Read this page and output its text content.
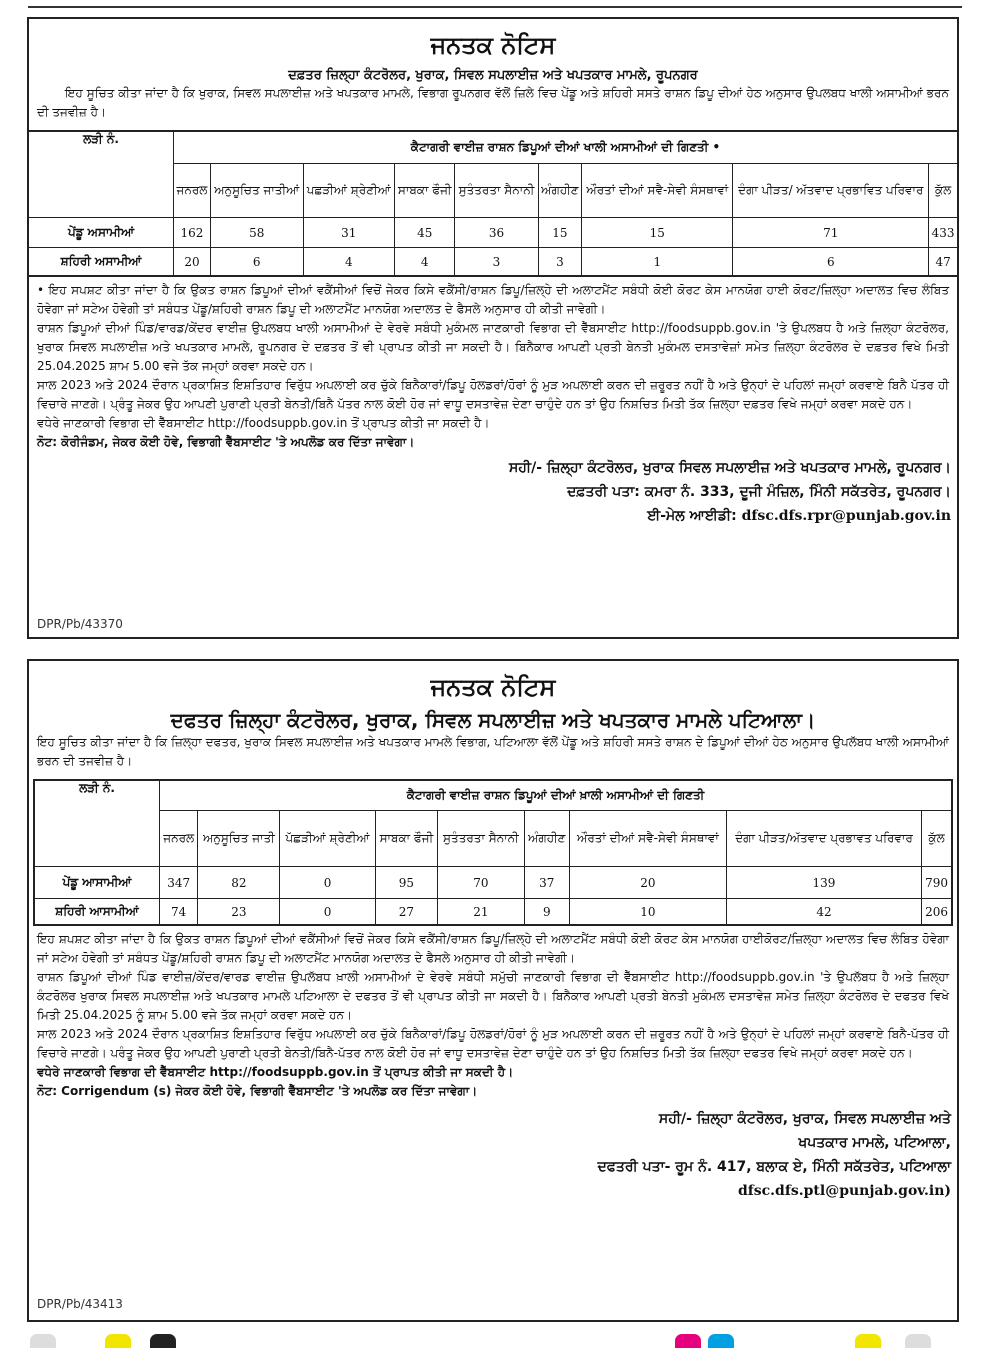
ਜਨਤਕ ਨੋਟਿਸ
ਦਫ਼ਤਰ ਜ਼ਿਲ੍ਹਾ ਕੰਟਰੋਲਰ, ਖੁਰਾਕ, ਸਿਵਲ ਸਪਲਾਈਜ਼ ਅਤੇ ਖਪਤਕਾਰ ਮਾਮਲੇ, ਰੂਪਨਗਰ
ਇਹ ਸੂਚਿਤ ਕੀਤਾ ਜਾਂਦਾ ਹੈ ਕਿ ਖੁਰਾਕ, ਸਿਵਲ ਸਪਲਾਈਜ਼ ਅਤੇ ਖਪਤਕਾਰ ਮਾਮਲੇ, ਵਿਭਾਗ ਰੂਪਨਗਰ ਵੱਲੋਂ ਜ਼ਿਲੇ ਵਿਚ ਪੇਂਡੂ ਅਤੇ ਸ਼ਹਿਰੀ ਸਸਤੇ ਰਾਸ਼ਨ ਡਿਪੂ ਦੀਆਂ ਹੇਠ ਅਨੁਸਾਰ ਉਪਲਬਧ ਖਾਲੀ ਅਸਾਮੀਆਂ ਭਰਨ ਦੀ ਤਜਵੀਜ਼ ਹੈ।
ਲੜੀ ਨੰ.	ਕੈਟਾਗਰੀ ਵਾਈਜ਼ ਰਾਸ਼ਨ ਡਿਪੂਆਂ ਦੀਆਂ ਖਾਲੀ ਅਸਾਮੀਆਂ ਦੀ ਗਿਣਤੀ •								
	ਜਨਰਲ	ਅਨੁਸੂਚਿਤ ਜਾਤੀਆਂ	ਪਛੜੀਆਂ ਸ਼੍ਰੇਣੀਆਂ	ਸਾਬਕਾ ਫੌਜੀ	ਸੁਤੰਤਰਤਾ ਸੈਨਾਨੀ	ਅੰਗਹੀਣ	ਔਰਤਾਂ ਦੀਆਂ ਸਵੈ-ਸੇਵੀ ਸੰਸਥਾਵਾਂ	ਦੰਗਾ ਪੀੜਤ/ ਅੱਤਵਾਦ ਪ੍ਰਭਾਵਿਤ ਪਰਿਵਾਰ	ਕੁੱਲ
ਪੇਂਡੂ ਅਸਾਮੀਆਂ	162	58	31	45	36	15	15	71	433
ਸ਼ਹਿਰੀ ਅਸਾਮੀਆਂ	20	6	4	4	3	3	1	6	47

• ਇਹ ਸਪਸ਼ਟ ਕੀਤਾ ਜਾਂਦਾ ਹੈ ਕਿ ਉਕਤ ਰਾਸ਼ਨ ਡਿਪੂਆਂ ਦੀਆਂ ਵਕੈਂਸੀਆਂ ਵਿਚੋਂ ਜੇਕਰ ਕਿਸੇ ਵਕੈਂਸੀ/ਰਾਸ਼ਨ ਡਿਪੂ/ਜ਼ਿਲ੍ਹੇ ਦੀ ਅਲਾਟਮੈਂਟ ਸਬੰਧੀ ਕੋਈ ਕੋਰਟ ਕੇਸ ਮਾਨਯੋਗ ਹਾਈ ਕੋਰਟ/ਜ਼ਿਲ੍ਹਾ ਅਦਾਲਤ ਵਿਚ ਲੰਬਿਤ ਹੋਵੇਗਾ ਜਾਂ ਸਟੇਅ ਹੋਵੇਗੀ ਤਾਂ ਸਬੰਧਤ ਪੇਂਡੂ/ਸ਼ਹਿਰੀ ਰਾਸ਼ਨ ਡਿਪੂ ਦੀ ਅਲਾਟਮੈਂਟ ਮਾਨਯੋਗ ਅਦਾਲਤ ਦੇ ਫੈਸਲੇ ਅਨੁਸਾਰ ਹੀ ਕੀਤੀ ਜਾਵੇਗੀ।

ਰਾਸ਼ਨ ਡਿਪੂਆਂ ਦੀਆਂ ਪਿੰਡ/ਵਾਰਡ/ਕੇਂਦਰ ਵਾਈਜ਼ ਉਪਲਬਧ ਖਾਲੀ ਅਸਾਮੀਆਂ ਦੇ ਵੇਰਵੇ ਸਬੰਧੀ ਮੁਕੰਮਲ ਜਾਣਕਾਰੀ ਵਿਭਾਗ ਦੀ ਵੈੱਬਸਾਈਟ http://foodsuppb.gov.in 'ਤੇ ਉਪਲਬਧ ਹੈ ਅਤੇ ਜ਼ਿਲ੍ਹਾ ਕੰਟਰੋਲਰ, ਖੁਰਾਕ ਸਿਵਲ ਸਪਲਾਈਜ਼ ਅਤੇ ਖਪਤਕਾਰ ਮਾਮਲੇ, ਰੂਪਨਗਰ ਦੇ ਦਫ਼ਤਰ ਤੋਂ ਵੀ ਪ੍ਰਾਪਤ ਕੀਤੀ ਜਾ ਸਕਦੀ ਹੈ। ਬਿਨੈਕਾਰ ਆਪਣੀ ਪ੍ਰਤੀ ਬੇਨਤੀ ਮੁਕੰਮਲ ਦਸਤਾਵੇਜ਼ਾਂ ਸਮੇਤ ਜ਼ਿਲ੍ਹਾ ਕੰਟਰੋਲਰ ਦੇ ਦਫ਼ਤਰ ਵਿਖੇ ਮਿਤੀ 25.04.2025 ਸ਼ਾਮ 5.00 ਵਜੇ ਤੱਕ ਜਮ੍ਹਾਂ ਕਰਵਾ ਸਕਦੇ ਹਨ।

ਸਾਲ 2023 ਅਤੇ 2024 ਦੌਰਾਨ ਪ੍ਰਕਾਸ਼ਿਤ ਇਸ਼ਤਿਹਾਰ ਵਿਰੁੱਧ ਅਪਲਾਈ ਕਰ ਚੁੱਕੇ ਬਿਨੈਕਾਰਾਂ/ਡਿਪੂ ਹੋਲਡਰਾਂ/ਹੋਰਾਂ ਨੂੰ ਮੁੜ ਅਪਲਾਈ ਕਰਨ ਦੀ ਜ਼ਰੂਰਤ ਨਹੀਂ ਹੈ ਅਤੇ ਉਨ੍ਹਾਂ ਦੇ ਪਹਿਲਾਂ ਜਮ੍ਹਾਂ ਕਰਵਾਏ ਬਿਨੈ ਪੱਤਰ ਹੀ ਵਿਚਾਰੇ ਜਾਣਗੇ। ਪ੍ਰੰਤੂ ਜੇਕਰ ਉਹ ਆਪਣੀ ਪੁਰਾਣੀ ਪ੍ਰਤੀ ਬੇਨਤੀ/ਬਿਨੈ ਪੱਤਰ ਨਾਲ ਕੋਈ ਹੋਰ ਜਾਂ ਵਾਧੂ ਦਸਤਾਵੇਜ਼ ਦੇਣਾ ਚਾਹੁੰਦੇ ਹਨ ਤਾਂ ਉਹ ਨਿਸ਼ਚਿਤ ਮਿਤੀ ਤੱਕ ਜ਼ਿਲ੍ਹਾ ਦਫ਼ਤਰ ਵਿਖੇ ਜਮ੍ਹਾਂ ਕਰਵਾ ਸਕਦੇ ਹਨ।

ਵਧੇਰੇ ਜਾਣਕਾਰੀ ਵਿਭਾਗ ਦੀ ਵੈੱਬਸਾਈਟ http://foodsuppb.gov.in ਤੋਂ ਪ੍ਰਾਪਤ ਕੀਤੀ ਜਾ ਸਕਦੀ ਹੈ।

ਨੋਟ: ਕੋਰੀਜੰਡਮ, ਜੇਕਰ ਕੋਈ ਹੋਵੇ, ਵਿਭਾਗੀ ਵੈੱਬਸਾਈਟ 'ਤੇ ਅਪਲੋਡ ਕਰ ਦਿੱਤਾ ਜਾਵੇਗਾ।

ਸਹੀ/- ਜ਼ਿਲ੍ਹਾ ਕੰਟਰੋਲਰ, ਖੁਰਾਕ ਸਿਵਲ ਸਪਲਾਈਜ਼ ਅਤੇ ਖਪਤਕਾਰ ਮਾਮਲੇ, ਰੂਪਨਗਰ।
ਦਫ਼ਤਰੀ ਪਤਾ: ਕਮਰਾ ਨੰ. 333, ਦੂਜੀ ਮੰਜ਼ਿਲ, ਮਿੰਨੀ ਸਕੱਤਰੇਤ, ਰੂਪਨਗਰ।
ਈ-ਮੇਲ ਆਈਡੀ: dfsc.dfs.rpr@punjab.gov.in
DPR/Pb/43370
ਜਨਤਕ ਨੋਟਿਸ
ਦਫਤਰ ਜ਼ਿਲ੍ਹਾ ਕੰਟਰੋਲਰ, ਖੁਰਾਕ, ਸਿਵਲ ਸਪਲਾਈਜ਼ ਅਤੇ ਖਪਤਕਾਰ ਮਾਮਲੇ ਪਟਿਆਲਾ।
ਇਹ ਸੂਚਿਤ ਕੀਤਾ ਜਾਂਦਾ ਹੈ ਕਿ ਜ਼ਿਲ੍ਹਾ ਦਫਤਰ, ਖੁਰਾਕ ਸਿਵਲ ਸਪਲਾਈਜ਼ ਅਤੇ ਖਪਤਕਾਰ ਮਾਮਲੇ ਵਿਭਾਗ, ਪਟਿਆਲਾ ਵੱਲੋਂ ਪੇਂਡੂ ਅਤੇ ਸ਼ਹਿਰੀ ਸਸਤੇ ਰਾਸ਼ਨ ਦੇ ਡਿਪੂਆਂ ਦੀਆਂ ਹੇਠ ਅਨੁਸਾਰ ਉਪਲੱਬਧ ਖਾਲੀ ਅਸਾਮੀਆਂ ਭਰਨ ਦੀ ਤਜਵੀਜ਼ ਹੈ।
ਲੜੀ ਨੰ.	ਕੈਟਾਗਰੀ ਵਾਈਜ਼ ਰਾਸ਼ਨ ਡਿਪੂਆਂ ਦੀਆਂ ਖ਼ਾਲੀ ਅਸਾਮੀਆਂ ਦੀ ਗਿਣਤੀ								
	ਜਨਰਲ	ਅਨੁਸੂਚਿਤ ਜਾਤੀ	ਪੱਛੜੀਆਂ ਸ਼੍ਰੇਣੀਆਂ	ਸਾਬਕਾ ਫੌਜੀ	ਸੁਤੰਤਰਤਾ ਸੈਨਾਨੀ	ਅੰਗਹੀਣ	ਔਰਤਾਂ ਦੀਆਂ ਸਵੈ-ਸੇਵੀ ਸੰਸਥਾਵਾਂ	ਦੰਗਾ ਪੀੜਤ/ਅੱਤਵਾਦ ਪ੍ਰਭਾਵਤ ਪਰਿਵਾਰ	ਕੁੱਲ
ਪੇਂਡੂ ਆਸਾਮੀਆਂ	347	82	0	95	70	37	20	139	790
ਸ਼ਹਿਰੀ ਆਸਾਮੀਆਂ	74	23	0	27	21	9	10	42	206

ਇਹ ਸ਼ਪਸ਼ਟ ਕੀਤਾ ਜਾਂਦਾ ਹੈ ਕਿ ਉਕਤ ਰਾਸ਼ਨ ਡਿਪੂਆਂ ਦੀਆਂ ਵਕੈਂਸੀਆਂ ਵਿਚੋਂ ਜੇਕਰ ਕਿਸੇ ਵਕੈਂਸੀ/ਰਾਸ਼ਨ ਡਿਪੂ/ਜ਼ਿਲ੍ਹੇ ਦੀ ਅਲਾਟਮੈਂਟ ਸਬੰਧੀ ਕੋਈ ਕੋਰਟ ਕੇਸ ਮਾਨਯੋਗ ਹਾਈਕੋਰਟ/ਜ਼ਿਲ੍ਹਾ ਅਦਾਲਤ ਵਿਚ ਲੰਬਿਤ ਹੋਵੇਗਾ ਜਾਂ ਸਟੇਅ ਹੋਵੇਗੀ ਤਾਂ ਸਬੰਧਤ ਪੇਂਡੂ/ਸ਼ਹਿਰੀ ਰਾਸ਼ਨ ਡਿਪੂ ਦੀ ਅਲਾਟਮੈਂਟ ਮਾਨਯੋਗ ਅਦਾਲਤ ਦੇ ਫੈਸਲੇ ਅਨੁਸਾਰ ਹੀ ਕੀਤੀ ਜਾਵੇਗੀ।

ਰਾਸ਼ਨ ਡਿਪੂਆਂ ਦੀਆਂ ਪਿੰਡ ਵਾਈਜ਼/ਕੇਂਦਰ/ਵਾਰਡ ਵਾਈਜ਼ ਉਪਲੱਬਧ ਖ਼ਾਲੀ ਅਸਾਮੀਆਂ ਦੇ ਵੇਰਵੇ ਸਬੰਧੀ ਸਮੁੱਚੀ ਜਾਣਕਾਰੀ ਵਿਭਾਗ ਦੀ ਵੈੱਬਸਾਈਟ http://foodsuppb.gov.in 'ਤੇ ਉਪਲੱਬਧ ਹੈ ਅਤੇ ਜ਼ਿਲ੍ਹਾ ਕੰਟਰੋਲਰ ਖੁਰਾਕ ਸਿਵਲ ਸਪਲਾਈਜ਼ ਅਤੇ ਖਪਤਕਾਰ ਮਾਮਲੇ ਪਟਿਆਲਾ ਦੇ ਦਫਤਰ ਤੋਂ ਵੀ ਪ੍ਰਾਪਤ ਕੀਤੀ ਜਾ ਸਕਦੀ ਹੈ। ਬਿਨੈਕਾਰ ਆਪਣੀ ਪ੍ਰਤੀ ਬੇਨਤੀ ਮੁਕੰਮਲ ਦਸਤਾਵੇਜ਼ ਸਮੇਤ ਜ਼ਿਲ੍ਹਾ ਕੰਟਰੋਲਰ ਦੇ ਦਫਤਰ ਵਿਖੇ ਮਿਤੀ 25.04.2025 ਨੂੰ ਸ਼ਾਮ 5.00 ਵਜੇ ਤੱਕ ਜਮ੍ਹਾਂ ਕਰਵਾ ਸਕਦੇ ਹਨ।

ਸਾਲ 2023 ਅਤੇ 2024 ਦੌਰਾਨ ਪ੍ਰਕਾਸ਼ਿਤ ਇਸ਼ਤਿਹਾਰ ਵਿਰੁੱਧ ਅਪਲਾਈ ਕਰ ਚੁੱਕੇ ਬਿਨੈਕਾਰਾਂ/ਡਿਪੂ ਹੋਲਡਰਾਂ/ਹੋਰਾਂ ਨੂੰ ਮੁੜ ਅਪਲਾਈ ਕਰਨ ਦੀ ਜ਼ਰੂਰਤ ਨਹੀਂ ਹੈ ਅਤੇ ਉਨ੍ਹਾਂ ਦੇ ਪਹਿਲਾਂ ਜਮ੍ਹਾਂ ਕਰਵਾਏ ਬਿਨੈ-ਪੱਤਰ ਹੀ ਵਿਚਾਰੇ ਜਾਣਗੇ। ਪਰੰਤੂ ਜੇਕਰ ਉਹ ਆਪਣੀ ਪੁਰਾਣੀ ਪ੍ਰਤੀ ਬੇਨਤੀ/ਬਿਨੈ-ਪੱਤਰ ਨਾਲ ਕੋਈ ਹੋਰ ਜਾਂ ਵਾਧੂ ਦਸਤਾਵੇਜ਼ ਦੇਣਾ ਚਾਹੁੰਦੇ ਹਨ ਤਾਂ ਉਹ ਨਿਸ਼ਚਿਤ ਮਿਤੀ ਤੱਕ ਜ਼ਿਲ੍ਹਾ ਦਫਤਰ ਵਿਖੇ ਜਮ੍ਹਾਂ ਕਰਵਾ ਸਕਦੇ ਹਨ।

ਵਧੇਰੇ ਜਾਣਕਾਰੀ ਵਿਭਾਗ ਦੀ ਵੈੱਬਸਾਈਟ http://foodsuppb.gov.in ਤੋਂ ਪ੍ਰਾਪਤ ਕੀਤੀ ਜਾ ਸਕਦੀ ਹੈ।

ਨੋਟ: Corrigendum (s) ਜੇਕਰ ਕੋਈ ਹੋਵੇ, ਵਿਭਾਗੀ ਵੈੱਬਸਾਈਟ 'ਤੇ ਅਪਲੋਡ ਕਰ ਦਿੱਤਾ ਜਾਵੇਗਾ।

ਸਹੀ/- ਜ਼ਿਲ੍ਹਾ ਕੰਟਰੋਲਰ, ਖੁਰਾਕ, ਸਿਵਲ ਸਪਲਾਈਜ਼ ਅਤੇ
ਖਪਤਕਾਰ ਮਾਮਲੇ, ਪਟਿਆਲਾ,
ਦਫਤਰੀ ਪਤਾ- ਰੂਮ ਨੰ. 417, ਬਲਾਕ ਏ, ਮਿੰਨੀ ਸਕੱਤਰੇਤ, ਪਟਿਆਲਾ
dfsc.dfs.ptl@punjab.gov.in)
DPR/Pb/43413
